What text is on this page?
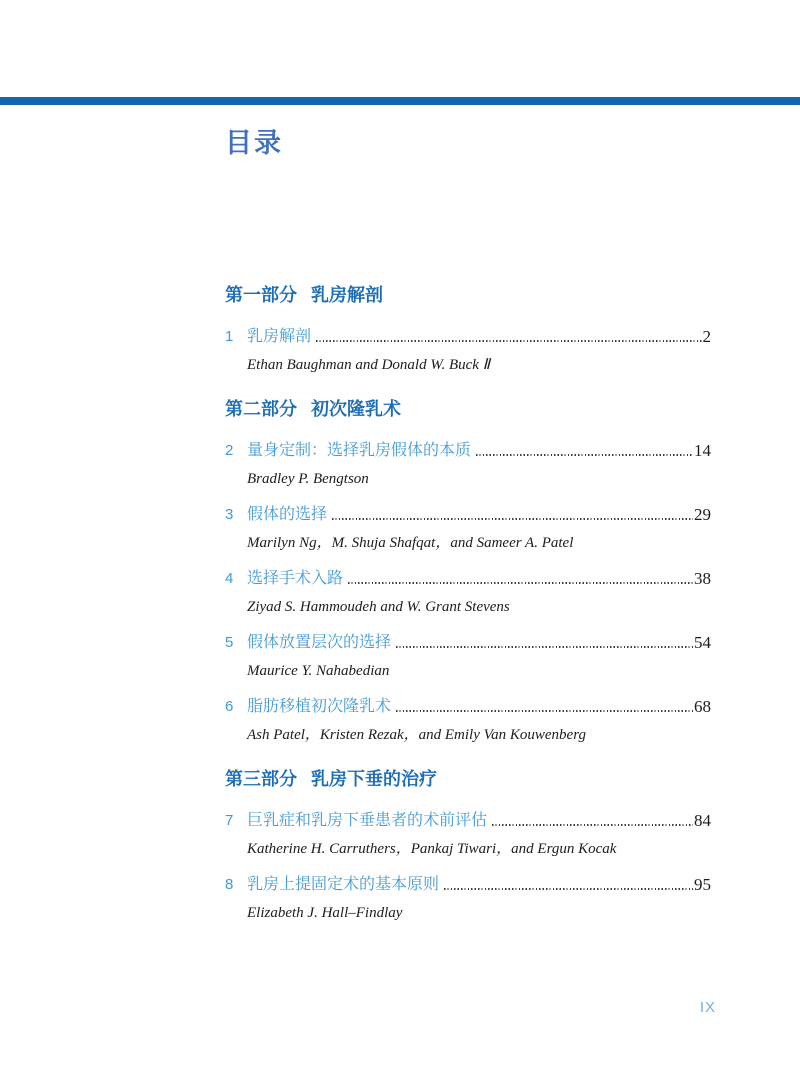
目录
第一部分 乳房解剖
1 乳房解剖	2
Ethan Baughman and Donald W. Buck Ⅱ
第二部分 初次隆乳术
2 量身定制：选择乳房假体的本质	14
Bradley P. Bengtson
3 假体的选择	29
Marilyn Ng，M. Shuja Shafqat，and Sameer A. Patel
4 选择手术入路	38
Ziyad S. Hammoudeh and W. Grant Stevens
5 假体放置层次的选择	54
Maurice Y. Nahabedian
6 脂肪移植初次隆乳术	68
Ash Patel，Kristen Rezak，and Emily Van Kouwenberg
第三部分 乳房下垂的治疗
7 巨乳症和乳房下垂患者的术前评估	84
Katherine H. Carruthers，Pankaj Tiwari，and Ergun Kocak
8 乳房上提固定术的基本原则	95
Elizabeth J. Hall–Findlay
IX
